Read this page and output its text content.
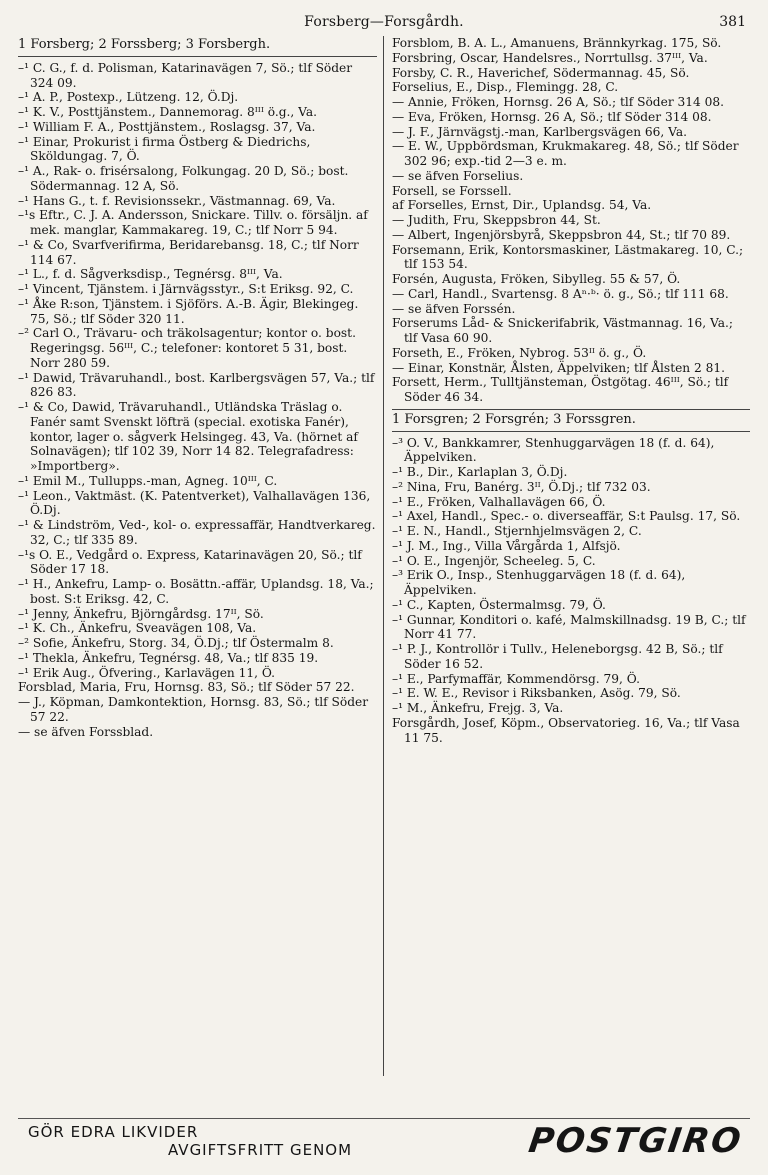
Forsberg—Forsgårdh.	381
1 Forsberg; 2 Forssberg; 3 Forsbergh.

–¹ C. G., f. d. Polisman, Katarinavägen 7, Sö.; tlf Söder 324 09.

–¹ A. P., Postexp., Lützeng. 12, Ö.Dj.

–¹ K. V., Posttjänstem., Dannemorag. 8ᴵᴵᴵ ö.g., Va.

–¹ William F. A., Posttjänstem., Roslagsg. 37, Va.

–¹ Einar, Prokurist i firma Östberg & Diedrichs, Sköldungag. 7, Ö.

–¹ A., Rak- o. frisérsalong, Folkungag. 20 D, Sö.; bost. Södermannag. 12 A, Sö.

–¹ Hans G., t. f. Revisionssekr., Västmannag. 69, Va.

–¹s Eftr., C. J. A. Andersson, Snickare. Tillv. o. försäljn. af mek. manglar, Kammakareg. 19, C.; tlf Norr 5 94.

–¹ & Co, Svarfverifirma, Beridarebansg. 18, C.; tlf Norr 114 67.

–¹ L., f. d. Sågverksdisp., Tegnérsg. 8ᴵᴵᴵ, Va.

–¹ Vincent, Tjänstem. i Järnvägsstyr., S:t Eriksg. 92, C.

–¹ Åke R:son, Tjänstem. i Sjöförs. A.-B. Ägir, Blekingeg. 75, Sö.; tlf Söder 320 11.

–² Carl O., Trävaru- och träkolsagentur; kontor o. bost. Regeringsg. 56ᴵᴵᴵ, C.; telefoner: kontoret 5 31, bost. Norr 280 59.

–¹ Dawid, Trävaruhandl., bost. Karlbergsvägen 57, Va.; tlf 826 83.

–¹ & Co, Dawid, Trävaruhandl., Utländska Träslag o. Fanér samt Svenskt löfträ (special. exotiska Fanér), kontor, lager o. sågverk Helsingeg. 43, Va. (hörnet af Solnavägen); tlf 102 39, Norr 14 82. Telegrafadress: »Importberg».

–¹ Emil M., Tullupps.-man, Agneg. 10ᴵᴵᴵ, C.

–¹ Leon., Vaktmäst. (K. Patentverket), Valhallavägen 136, Ö.Dj.

–¹ & Lindström, Ved-, kol- o. expressaffär, Handtverkareg. 32, C.; tlf 335 89.

–¹s O. E., Vedgård o. Express, Katarinavägen 20, Sö.; tlf Söder 17 18.

–¹ H., Ankefru, Lamp- o. Bosättn.-affär, Uplandsg. 18, Va.; bost. S:t Eriksg. 42, C.

–¹ Jenny, Änkefru, Björngårdsg. 17ᴵᴵ, Sö.

–¹ K. Ch., Änkefru, Sveavägen 108, Va.

–² Sofie, Änkefru, Storg. 34, Ö.Dj.; tlf Östermalm 8.

–¹ Thekla, Änkefru, Tegnérsg. 48, Va.; tlf 835 19.

–¹ Erik Aug., Öfvering., Karlavägen 11, Ö.

Forsblad, Maria, Fru, Hornsg. 83, Sö.; tlf Söder 57 22.

— J., Köpman, Damkontektion, Hornsg. 83, Sö.; tlf Söder 57 22.

— se äfven Forssblad.

Forsblom, B. A. L., Amanuens, Brännkyrkag. 175, Sö.

Forsbring, Oscar, Handelsres., Norrtullsg. 37ᴵᴵᴵ, Va.

Forsby, C. R., Haverichef, Södermannag. 45, Sö.

Forselius, E., Disp., Flemingg. 28, C.

— Annie, Fröken, Hornsg. 26 A, Sö.; tlf Söder 314 08.

— Eva, Fröken, Hornsg. 26 A, Sö.; tlf Söder 314 08.

— J. F., Järnvägstj.-man, Karlbergsvägen 66, Va.

— E. W., Uppbördsman, Krukmakareg. 48, Sö.; tlf Söder 302 96; exp.-tid 2—3 e. m.

— se äfven Forselius.

Forsell, se Forssell.

af Forselles, Ernst, Dir., Uplandsg. 54, Va.

— Judith, Fru, Skeppsbron 44, St.

— Albert, Ingenjörsbyrå, Skeppsbron 44, St.; tlf 70 89.

Forsemann, Erik, Kontorsmaskiner, Lästmakareg. 10, C.; tlf 153 54.

Forsén, Augusta, Fröken, Sibylleg. 55 & 57, Ö.

— Carl, Handl., Svartensg. 8 Aⁿ·ᵇ· ö. g., Sö.; tlf 111 68.

— se äfven Forssén.

Forserums Låd- & Snickerifabrik, Västmannag. 16, Va.; tlf Vasa 60 90.

Forseth, E., Fröken, Nybrog. 53ᴵᴵ ö. g., Ö.

— Einar, Konstnär, Ålsten, Äppelviken; tlf Ålsten 2 81.

Forsett, Herm., Tulltjänsteman, Östgötag. 46ᴵᴵᴵ, Sö.; tlf Söder 46 34.

1 Forsgren; 2 Forsgrén; 3 Forssgren.

–³ O. V., Bankkamrer, Stenhuggarvägen 18 (f. d. 64), Äppelviken.

–¹ B., Dir., Karlaplan 3, Ö.Dj.

–² Nina, Fru, Banérg. 3ᴵᴵ, Ö.Dj.; tlf 732 03.

–¹ E., Fröken, Valhallavägen 66, Ö.

–¹ Axel, Handl., Spec.- o. diverseaffär, S:t Paulsg. 17, Sö.

–¹ E. N., Handl., Stjernhjelmsvägen 2, C.

–¹ J. M., Ing., Villa Vårgårda 1, Alfsjö.

–¹ O. E., Ingenjör, Scheeleg. 5, C.

–³ Erik O., Insp., Stenhuggarvägen 18 (f. d. 64), Äppelviken.

–¹ C., Kapten, Östermalmsg. 79, Ö.

–¹ Gunnar, Konditori o. kafé, Malmskillnadsg. 19 B, C.; tlf Norr 41 77.

–¹ P. J., Kontrollör i Tullv., Heleneborgsg. 42 B, Sö.; tlf Söder 16 52.

–¹ E., Parfymaffär, Kommendörsg. 79, Ö.

–¹ E. W. E., Revisor i Riksbanken, Asög. 79, Sö.

–¹ M., Änkefru, Frejg. 3, Va.

Forsgårdh, Josef, Köpm., Observatorieg. 16, Va.; tlf Vasa 11 75.

GÖR EDRA LIKVIDER
AVGIFTSFRITT GENOM	POSTGIRO
